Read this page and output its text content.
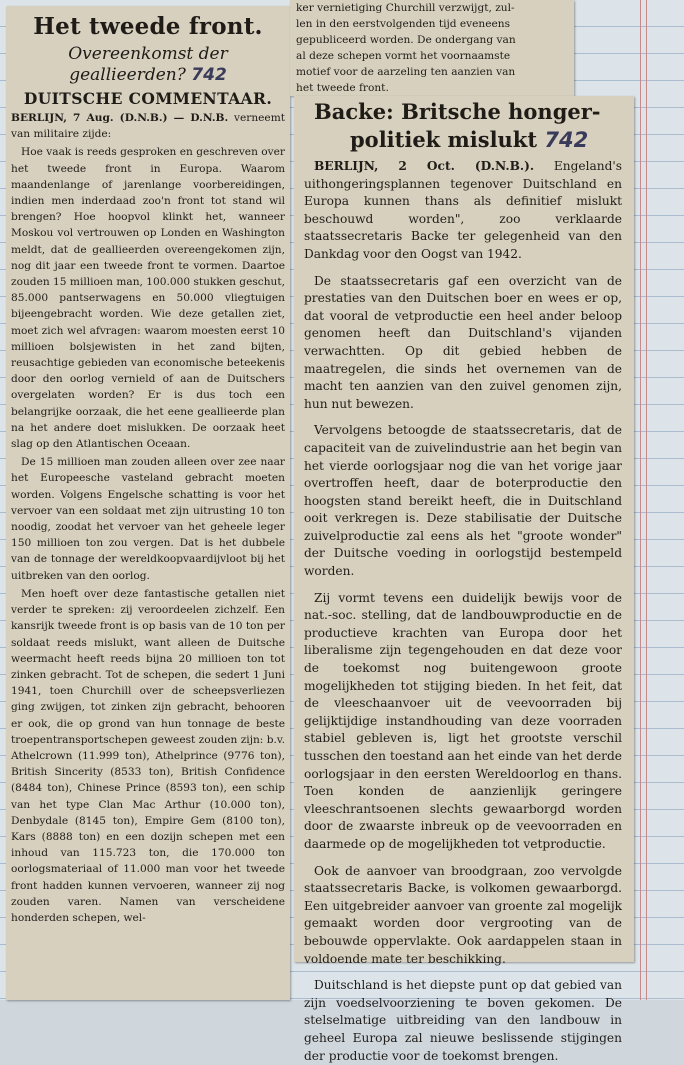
Het tweede front.
Overeenkomst der
geallieerden? 742
DUITSCHE COMMENTAAR.

BERLIJN, 7 Aug. (D.N.B.) — D.N.B. verneemt van militaire zijde:

Hoe vaak is reeds gesproken en geschreven over het tweede front in Europa. Waarom maandenlange of jarenlange voorbereidingen, indien men inderdaad zoo'n front tot stand wil brengen? Hoe hoopvol klinkt het, wanneer Moskou vol vertrouwen op Londen en Washington meldt, dat de geallieerden overeengekomen zijn, nog dit jaar een tweede front te vormen. Daartoe zouden 15 millioen man, 100.000 stukken geschut, 85.000 pantserwagens en 50.000 vliegtuigen bijeengebracht worden. Wie deze getallen ziet, moet zich wel afvragen: waarom moesten eerst 10 millioen bolsjewisten in het zand bijten, reusachtige gebieden van economische beteekenis door den oorlog vernield of aan de Duitschers overgelaten worden? Er is dus toch een belangrijke oorzaak, die het eene geallieerde plan na het andere doet mislukken. De oorzaak heet slag op den Atlantischen Oceaan.

De 15 millioen man zouden alleen over zee naar het Europeesche vasteland gebracht moeten worden. Volgens Engelsche schatting is voor het vervoer van een soldaat met zijn uitrusting 10 ton noodig, zoodat het vervoer van het geheele leger 150 millioen ton zou vergen. Dat is het dubbele van de tonnage der wereldkoopvaardijvloot bij het uitbreken van den oorlog.

Men hoeft over deze fantastische getallen niet verder te spreken: zij veroordeelen zichzelf. Een kansrijk tweede front is op basis van de 10 ton per soldaat reeds mislukt, want alleen de Duitsche weermacht heeft reeds bijna 20 millioen ton tot zinken gebracht. Tot de schepen, die sedert 1 Juni 1941, toen Churchill over de scheepsverliezen ging zwijgen, tot zinken zijn gebracht, behooren er ook, die op grond van hun tonnage de beste troepentransportschepen geweest zouden zijn: b.v. Athelcrown (11.999 ton), Athelprince (9776 ton), British Sincerity (8533 ton), British Confidence (8484 ton), Chinese Prince (8593 ton), een schip van het type Clan Mac Arthur (10.000 ton), Denbydale (8145 ton), Empire Gem (8100 ton), Kars (8888 ton) en een dozijn schepen met een inhoud van 115.723 ton, die 170.000 ton oorlogsmateriaal of 11.000 man voor het tweede front hadden kunnen vervoeren, wanneer zij nog zouden varen. Namen van verscheidene honderden schepen, wel-

ker vernietiging Churchill verzwijgt, zul-

len in den eerstvolgenden tijd eveneens

gepubliceerd worden. De ondergang van

al deze schepen vormt het voornaamste

motief voor de aarzeling ten aanzien van

het tweede front.

Backe: Britsche honger-
politiek mislukt 742

BERLIJN, 2 Oct. (D.N.B.). Engeland's uithongeringsplannen tegenover Duitschland en Europa kunnen thans als definitief mislukt beschouwd worden", zoo verklaarde staatssecretaris Backe ter gelegenheid van den Dankdag voor den Oogst van 1942.

De staatssecretaris gaf een overzicht van de prestaties van den Duitschen boer en wees er op, dat vooral de vetproductie een heel ander beloop genomen heeft dan Duitschland's vijanden verwachtten. Op dit gebied hebben de maatregelen, die sinds het overnemen van de macht ten aanzien van den zuivel genomen zijn, hun nut bewezen.

Vervolgens betoogde de staatssecretaris, dat de capaciteit van de zuivelindustrie aan het begin van het vierde oorlogsjaar nog die van het vorige jaar overtroffen heeft, daar de boterproductie den hoogsten stand bereikt heeft, die in Duitschland ooit verkregen is. Deze stabilisatie der Duitsche zuivelproductie zal eens als het "groote wonder" der Duitsche voeding in oorlogstijd bestempeld worden.

Zij vormt tevens een duidelijk bewijs voor de nat.-soc. stelling, dat de landbouwproductie en de productieve krachten van Europa door het liberalisme zijn tegengehouden en dat deze voor de toekomst nog buitengewoon groote mogelijkheden tot stijging bieden. In het feit, dat de vleeschaanvoer uit de veevoorraden bij gelijktijdige instandhouding van deze voorraden stabiel gebleven is, ligt het grootste verschil tusschen den toestand aan het einde van het derde oorlogsjaar in den eersten Wereldoorlog en thans. Toen konden de aanzienlijk geringere vleeschrantsoenen slechts gewaarborgd worden door de zwaarste inbreuk op de veevoorraden en daarmede op de mogelijkheden tot vetproductie.

Ook de aanvoer van broodgraan, zoo vervolgde staatssecretaris Backe, is volkomen gewaarborgd. Een uitgebreider aanvoer van groente zal mogelijk gemaakt worden door vergrooting van de bebouwde oppervlakte. Ook aardappelen staan in voldoende mate ter beschikking.

Duitschland is het diepste punt op dat gebied van zijn voedselvoorziening te boven gekomen. De stelselmatige uitbreiding van den landbouw in geheel Europa zal nieuwe beslissende stijgingen der productie voor de toekomst brengen.
